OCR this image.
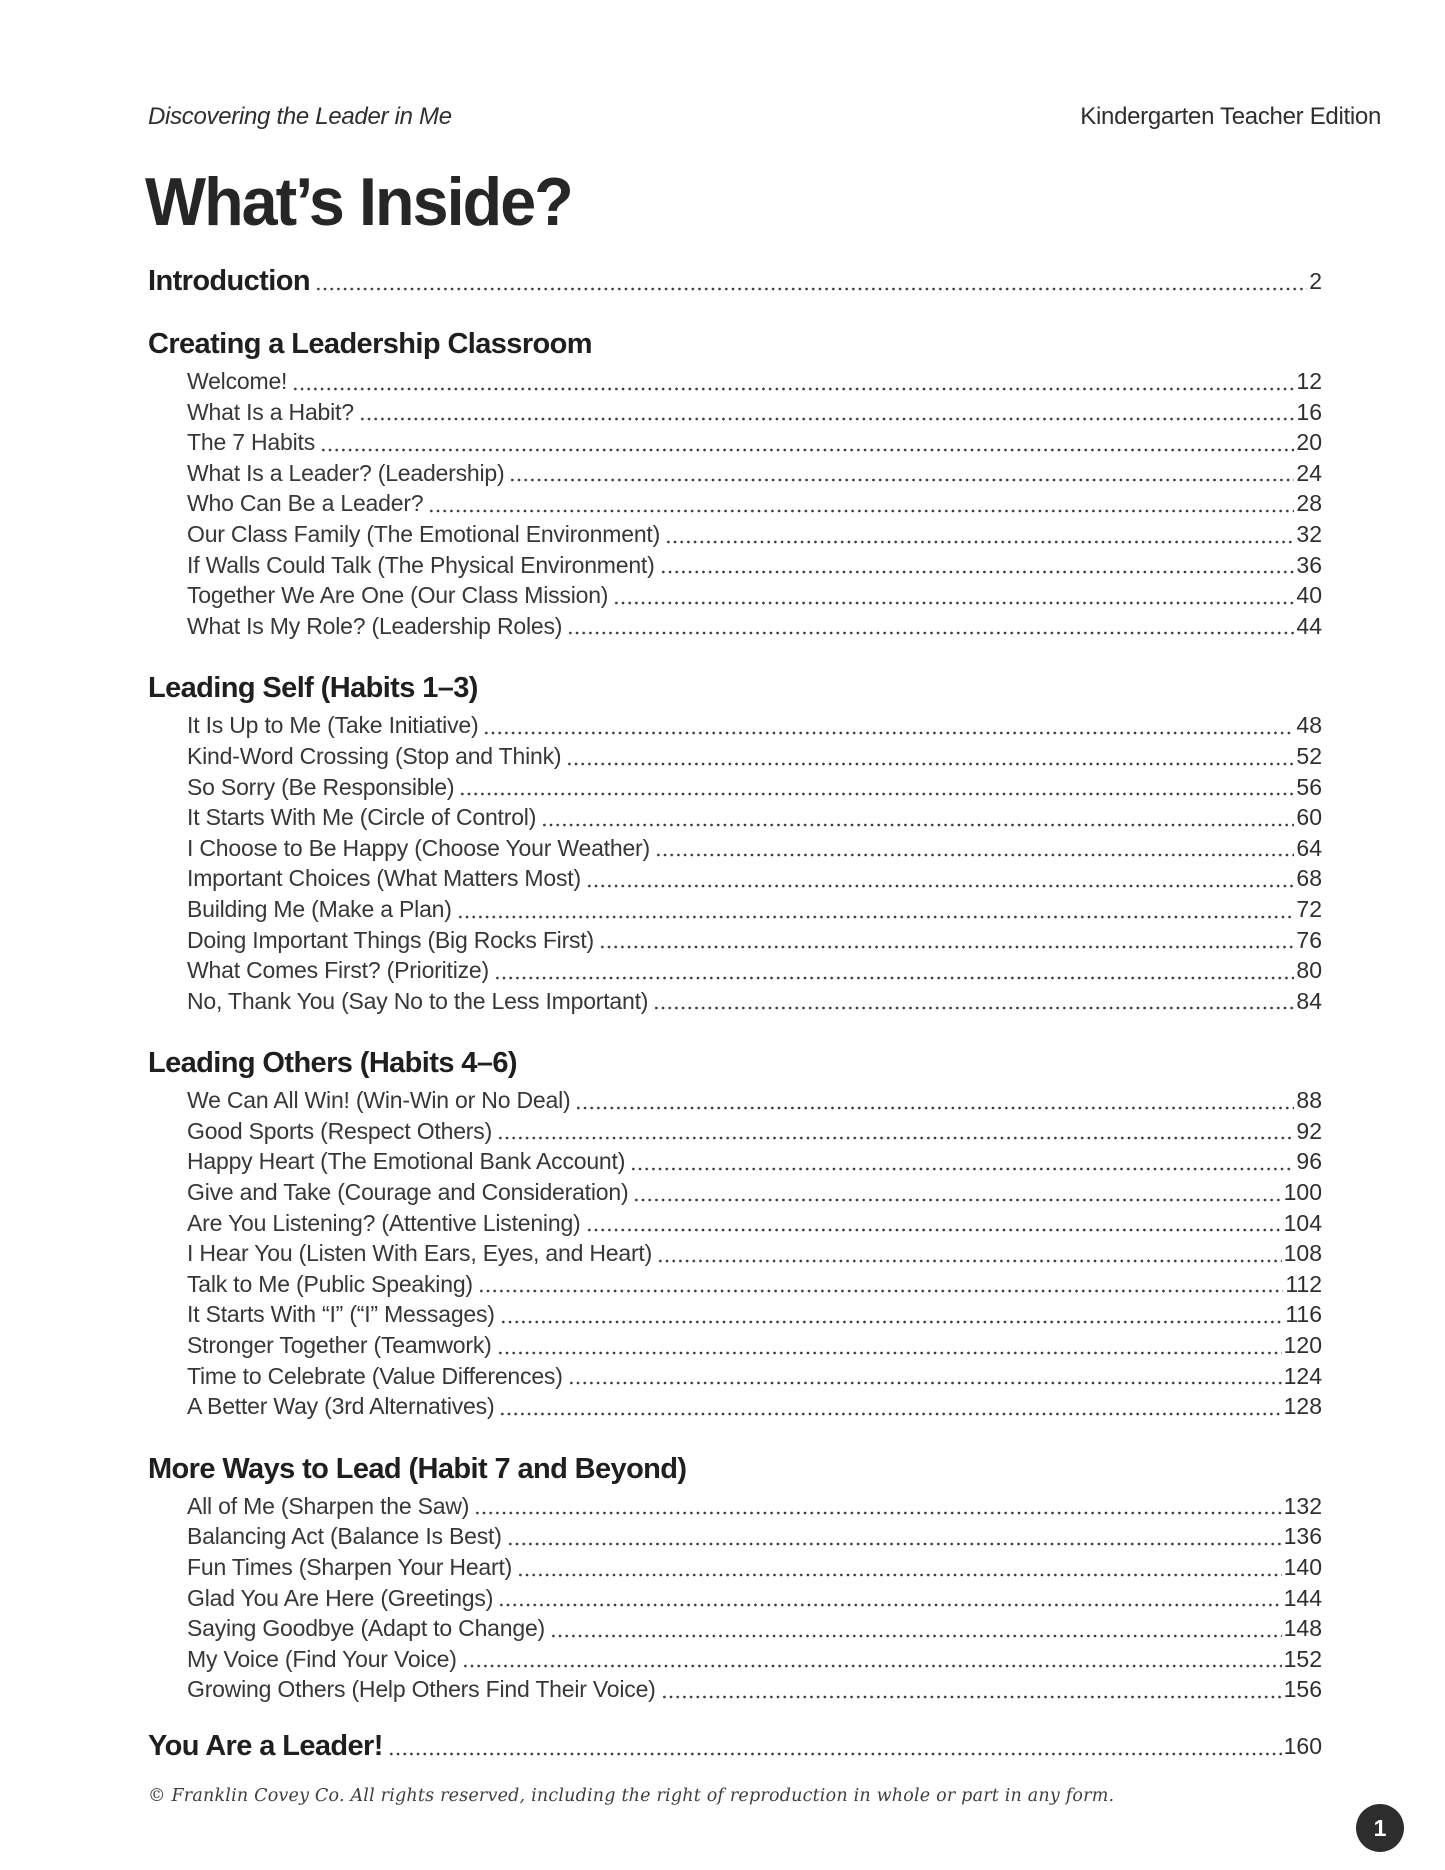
Discovering the Leader in Me	Kindergarten Teacher Edition
What’s Inside?
Introduction	2
Creating a Leadership Classroom
Welcome!	12
What Is a Habit?	16
The 7 Habits	20
What Is a Leader? (Leadership)	24
Who Can Be a Leader?	28
Our Class Family (The Emotional Environment)	32
If Walls Could Talk (The Physical Environment)	36
Together We Are One (Our Class Mission)	40
What Is My Role? (Leadership Roles)	44
Leading Self (Habits 1–3)
It Is Up to Me (Take Initiative)	48
Kind-Word Crossing (Stop and Think)	52
So Sorry (Be Responsible)	56
It Starts With Me (Circle of Control)	60
I Choose to Be Happy (Choose Your Weather)	64
Important Choices (What Matters Most)	68
Building Me (Make a Plan)	72
Doing Important Things (Big Rocks First)	76
What Comes First? (Prioritize)	80
No, Thank You (Say No to the Less Important)	84
Leading Others (Habits 4–6)
We Can All Win! (Win-Win or No Deal)	88
Good Sports (Respect Others)	92
Happy Heart (The Emotional Bank Account)	96
Give and Take (Courage and Consideration)	100
Are You Listening? (Attentive Listening)	104
I Hear You (Listen With Ears, Eyes, and Heart)	108
Talk to Me (Public Speaking)	112
It Starts With “I” (“I” Messages)	116
Stronger Together (Teamwork)	120
Time to Celebrate (Value Differences)	124
A Better Way (3rd Alternatives)	128
More Ways to Lead (Habit 7 and Beyond)
All of Me (Sharpen the Saw)	132
Balancing Act (Balance Is Best)	136
Fun Times (Sharpen Your Heart)	140
Glad You Are Here (Greetings)	144
Saying Goodbye (Adapt to Change)	148
My Voice (Find Your Voice)	152
Growing Others (Help Others Find Their Voice)	156
You Are a Leader!	160
© Franklin Covey Co. All rights reserved, including the right of reproduction in whole or part in any form.
1
